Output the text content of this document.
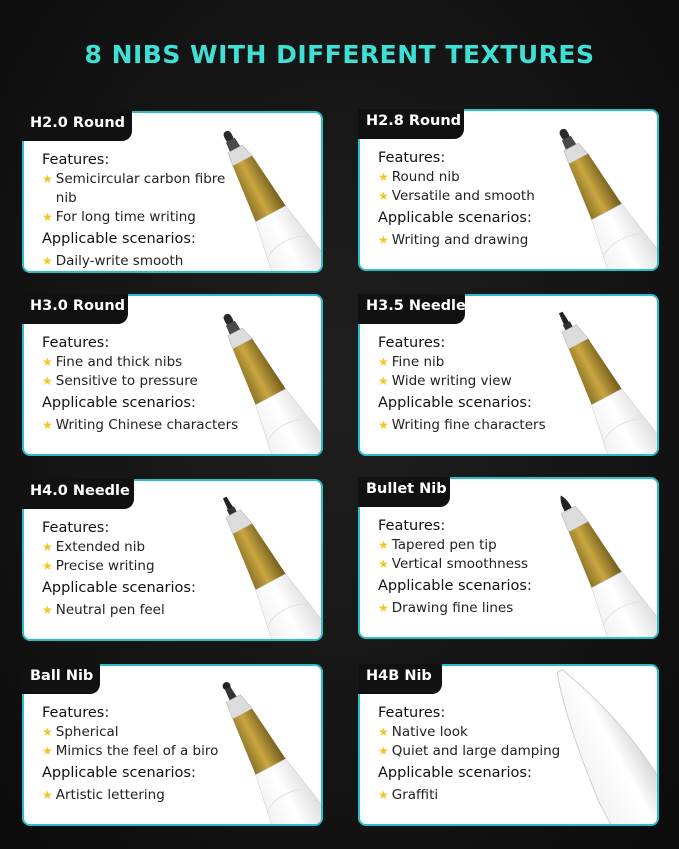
8 NIBS WITH DIFFERENT TEXTURES
Features:
★ Semicircular carbon fibre nib
★ For long time writing
Applicable scenarios:
★ Daily-write smooth
H2.0 Round
Features:
★ Round nib
★ Versatile and smooth
Applicable scenarios:
★ Writing and drawing
H2.8 Round
Features:
★ Fine and thick nibs
★ Sensitive to pressure
Applicable scenarios:
★ Writing Chinese characters
H3.0 Round
Features:
★ Fine nib
★ Wide writing view
Applicable scenarios:
★ Writing fine characters
H3.5 Needle
Features:
★ Extended nib
★ Precise writing
Applicable scenarios:
★ Neutral pen feel
H4.0 Needle
Features:
★ Tapered pen tip
★ Vertical smoothness
Applicable scenarios:
★ Drawing fine lines
Bullet Nib
Features:
★ Spherical
★ Mimics the feel of a biro
Applicable scenarios:
★ Artistic lettering
Ball Nib
Features:
★ Native look
★ Quiet and large damping
Applicable scenarios:
★ Graffiti
H4B Nib
